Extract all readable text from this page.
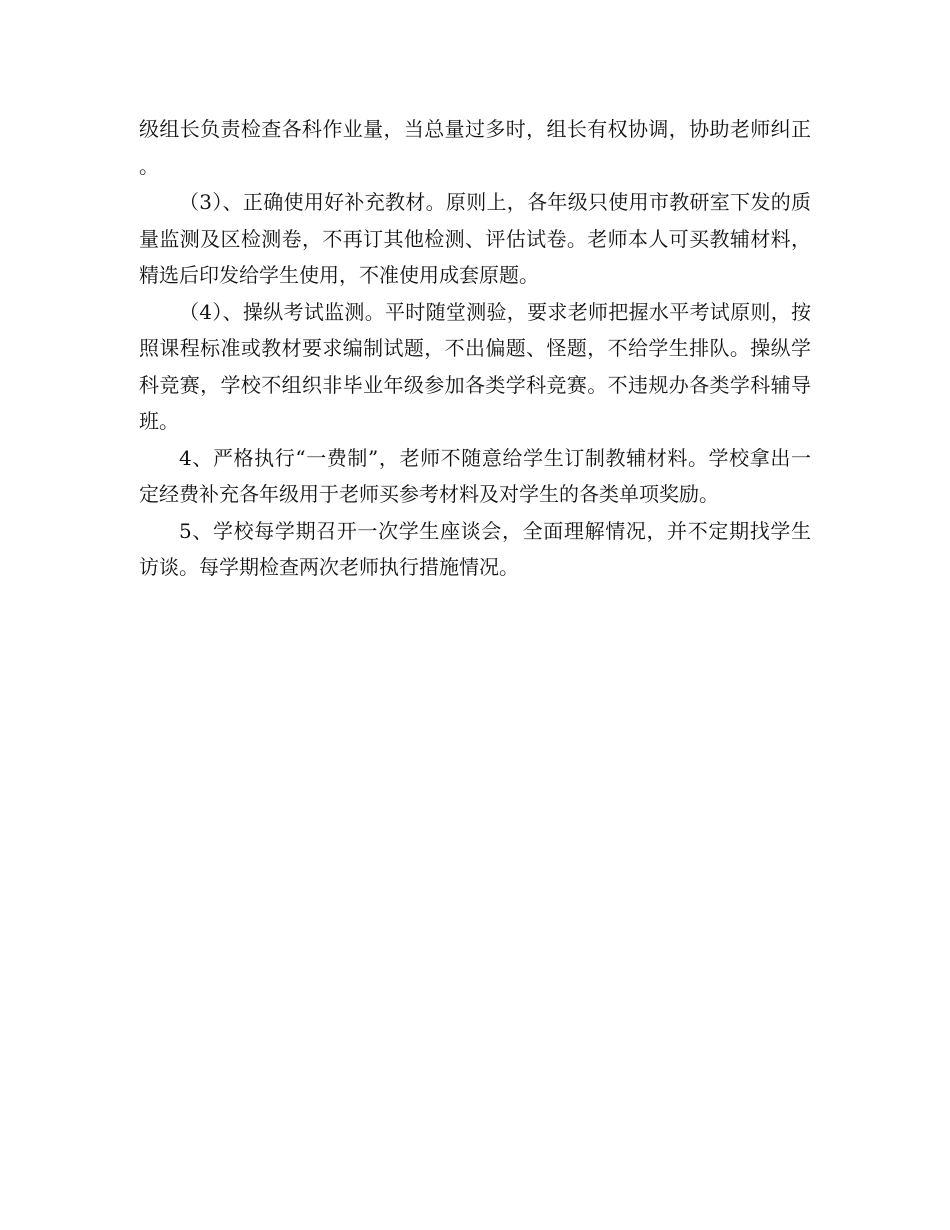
级组长负责检查各科作业量，当总量过多时，组长有权协调，协助老师纠正。

（3）、正确使用好补充教材。原则上，各年级只使用市教研室下发的质量监测及区检测卷，不再订其他检测、评估试卷。老师本人可买教辅材料，精选后印发给学生使用，不准使用成套原题。

（4）、操纵考试监测。平时随堂测验，要求老师把握水平考试原则，按照课程标准或教材要求编制试题，不出偏题、怪题，不给学生排队。操纵学科竞赛，学校不组织非毕业年级参加各类学科竞赛。不违规办各类学科辅导班。

4、严格执行“一费制”，老师不随意给学生订制教辅材料。学校拿出一定经费补充各年级用于老师买参考材料及对学生的各类单项奖励。

5、学校每学期召开一次学生座谈会，全面理解情况，并不定期找学生访谈。每学期检查两次老师执行措施情况。
